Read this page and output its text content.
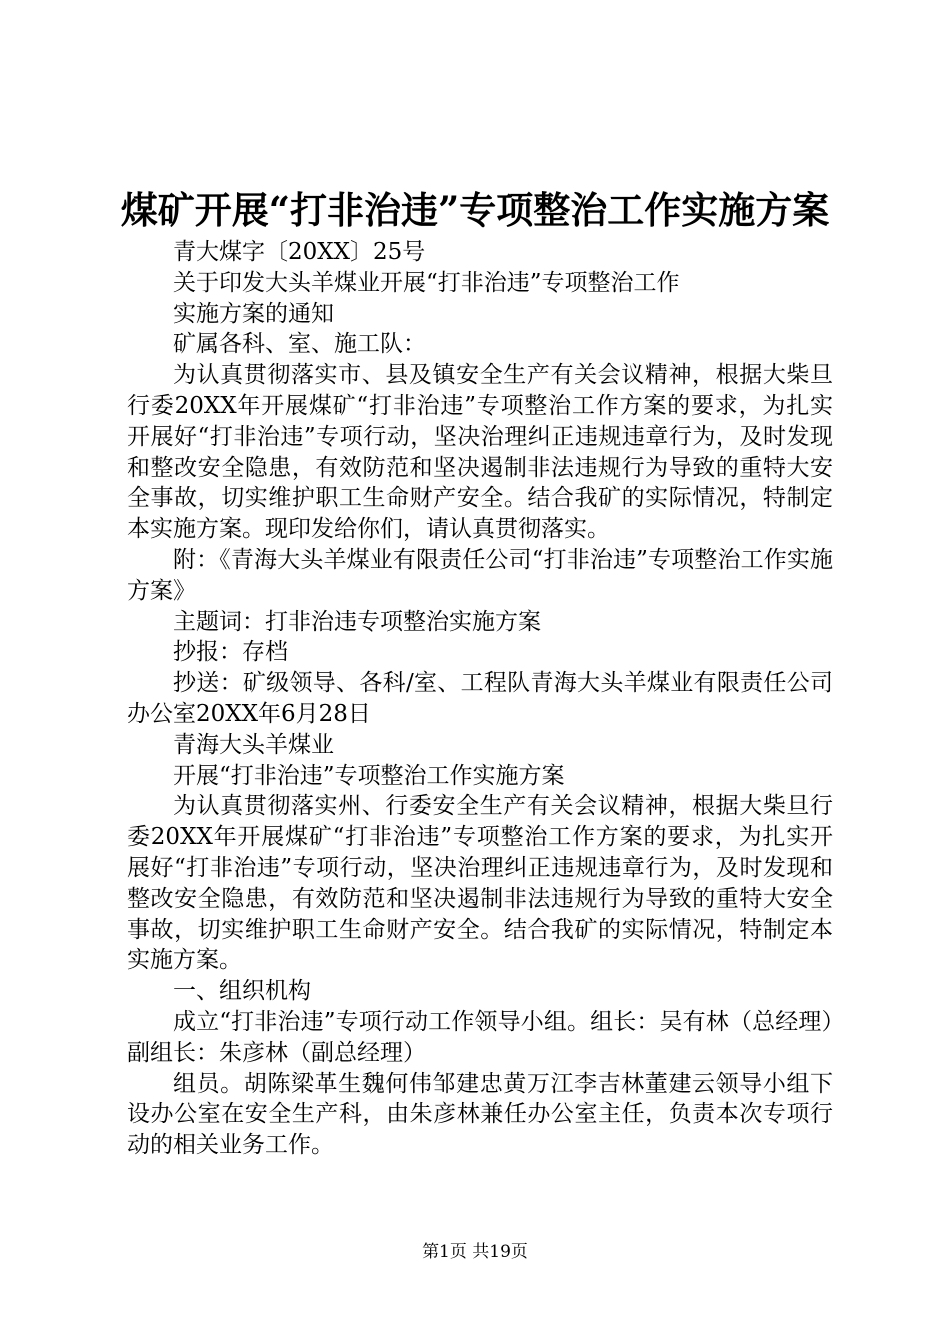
煤矿开展“打非治违”专项整治工作实施方案

青大煤字〔20XX〕25号

关于印发大头羊煤业开展“打非治违”专项整治工作

实施方案的通知

矿属各科、室、施工队：

为认真贯彻落实市、县及镇安全生产有关会议精神，根据大柴旦行委20XX年开展煤矿“打非治违”专项整治工作方案的要求，为扎实开展好“打非治违”专项行动，坚决治理纠正违规违章行为，及时发现和整改安全隐患，有效防范和坚决遏制非法违规行为导致的重特大安全事故，切实维护职工生命财产安全。结合我矿的实际情况，特制定本实施方案。现印发给你们，请认真贯彻落实。

附：《青海大头羊煤业有限责任公司“打非治违”专项整治工作实施方案》

主题词：打非治违专项整治实施方案

抄报：存档

抄送：矿级领导、各科/室、工程队青海大头羊煤业有限责任公司办公室20XX年6月28日

青海大头羊煤业

开展“打非治违”专项整治工作实施方案

为认真贯彻落实州、行委安全生产有关会议精神，根据大柴旦行委20XX年开展煤矿“打非治违”专项整治工作方案的要求，为扎实开展好“打非治违”专项行动，坚决治理纠正违规违章行为，及时发现和整改安全隐患，有效防范和坚决遏制非法违规行为导致的重特大安全事故，切实维护职工生命财产安全。结合我矿的实际情况，特制定本实施方案。

一、组织机构

成立“打非治违”专项行动工作领导小组。组长：吴有林（总经理）副组长：朱彦林（副总经理）

组员。胡陈梁革生魏何伟邹建忠黄万江李吉林董建云领导小组下设办公室在安全生产科，由朱彦林兼任办公室主任，负责本次专项行动的相关业务工作。

第1页 共19页
